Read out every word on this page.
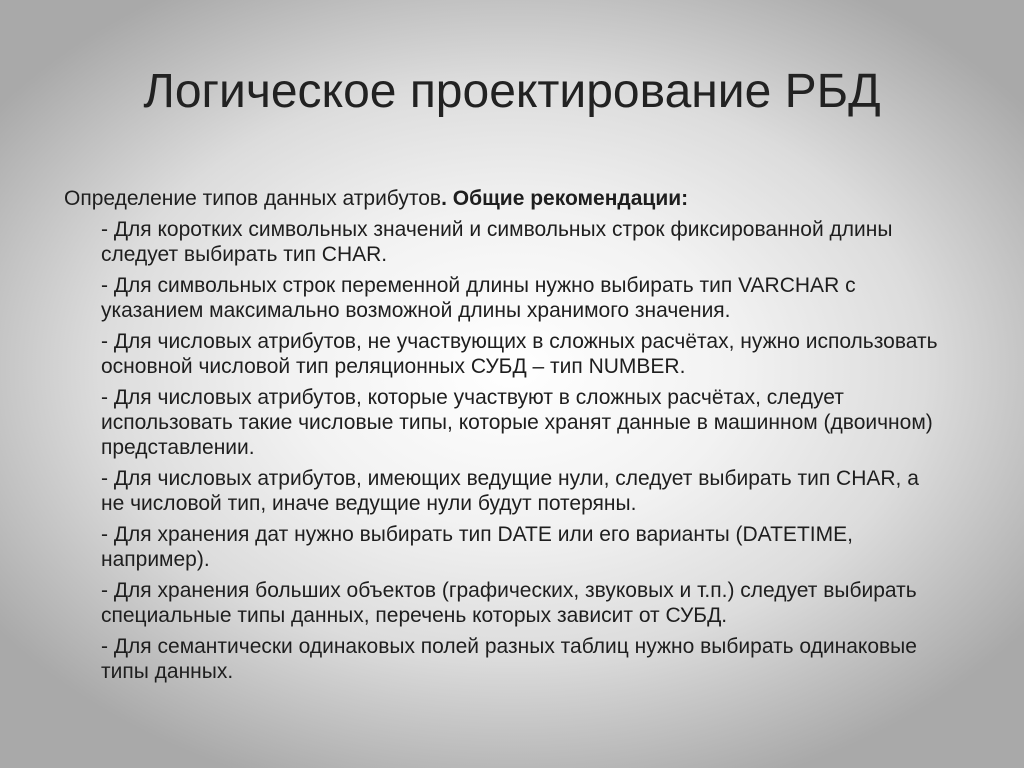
Логическое проектирование РБД

Определение типов данных атрибутов. Общие рекомендации:

- Для коротких символьных значений и символьных строк фиксированной длины следует выбирать тип CHAR.

- Для символьных строк переменной длины нужно выбирать тип VARCHAR с указанием максимально возможной длины хранимого значения.

- Для числовых атрибутов, не участвующих в сложных расчётах, нужно использовать основной числовой тип реляционных СУБД – тип NUMBER.

- Для числовых атрибутов, которые участвуют в сложных расчётах, следует использовать такие числовые типы, которые хранят данные в машинном (двоичном) представлении.

- Для числовых атрибутов, имеющих ведущие нули, следует выбирать тип CHAR, а не числовой тип, иначе ведущие нули будут потеряны.

- Для хранения дат нужно выбирать тип DATE или его варианты (DATETIME, например).

- Для хранения больших объектов (графических, звуковых и т.п.) следует выбирать специальные типы данных, перечень которых зависит от СУБД.

- Для семантически одинаковых полей разных таблиц нужно выбирать одинаковые типы данных.
